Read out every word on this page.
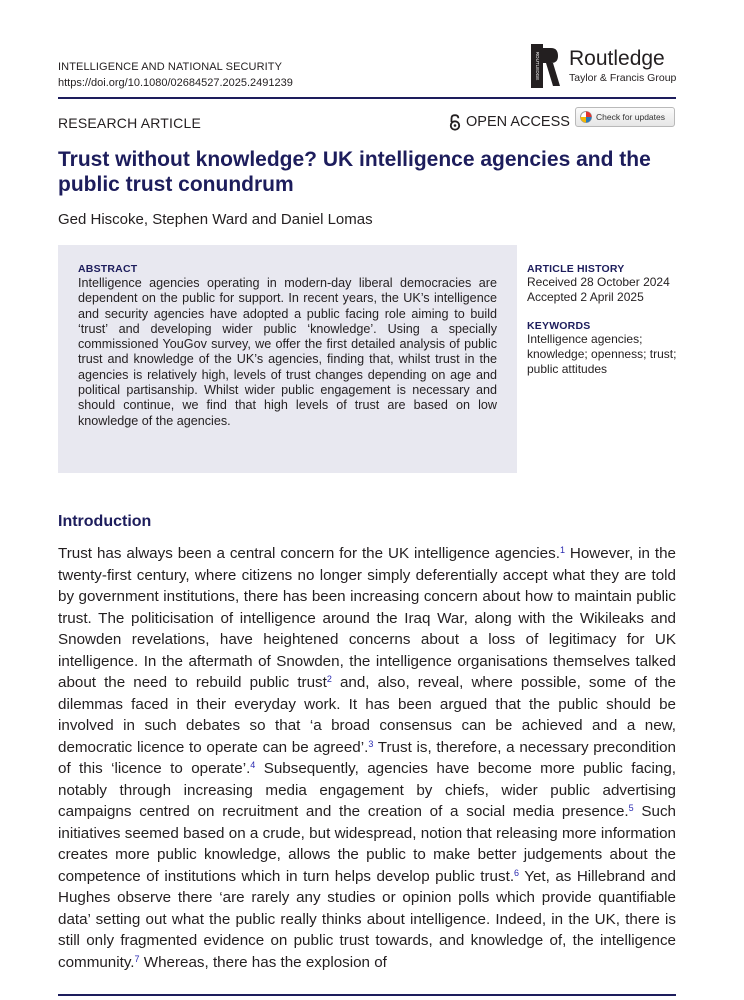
INTELLIGENCE AND NATIONAL SECURITY
https://doi.org/10.1080/02684527.2025.2491239
ROUTLEDGE Routledge
Taylor & Francis Group
RESEARCH ARTICLE	OPEN ACCESS	Check for updates
Trust without knowledge? UK intelligence agencies and the public trust conundrum
Ged Hiscoke, Stephen Ward and Daniel Lomas
ABSTRACT
Intelligence agencies operating in modern-day liberal democracies are dependent on the public for support. In recent years, the UK’s intelligence and security agencies have adopted a public facing role aiming to build ‘trust’ and developing wider public ‘knowledge’. Using a specially commissioned YouGov survey, we offer the first detailed analysis of public trust and knowledge of the UK’s agencies, finding that, whilst trust in the agencies is relatively high, levels of trust changes depending on age and political partisanship. Whilst wider public engagement is necessary and should continue, we find that high levels of trust are based on low knowledge of the agencies.
ARTICLE HISTORY
Received 28 October 2024
Accepted 2 April 2025
KEYWORDS
Intelligence agencies; knowledge; openness; trust; public attitudes
Introduction

Trust has always been a central concern for the UK intelligence agencies.$^1$ However, in the twenty-first century, where citizens no longer simply deferentially accept what they are told by government institutions, there has been increasing concern about how to maintain public trust. The politicisation of intelligence around the Iraq War, along with the Wikileaks and Snowden revelations, have heightened concerns about a loss of legitimacy for UK intelligence. In the aftermath of Snowden, the intelligence organisations themselves talked about the need to rebuild public trust$^2$ and, also, reveal, where possible, some of the dilemmas faced in their everyday work. It has been argued that the public should be involved in such debates so that ‘a broad consensus can be achieved and a new, democratic licence to operate can be agreed’.$^3$ Trust is, therefore, a necessary precondition of this ‘licence to operate’.$^4$ Subsequently, agencies have become more public facing, notably through increasing media engagement by chiefs, wider public advertising campaigns centred on recruitment and the creation of a social media presence.$^5$ Such initiatives seemed based on a crude, but widespread, notion that releasing more information creates more public knowledge, allows the public to make better judgements about the competence of institutions which in turn helps develop public trust.$^6$ Yet, as Hillebrand and Hughes observe there ‘are rarely any studies or opinion polls which provide quantifiable data’ setting out what the public really thinks about intelligence. Indeed, in the UK, there is still only fragmented evidence on public trust towards, and knowledge of, the intelligence community.$^7$ Whereas, there has the explosion of
